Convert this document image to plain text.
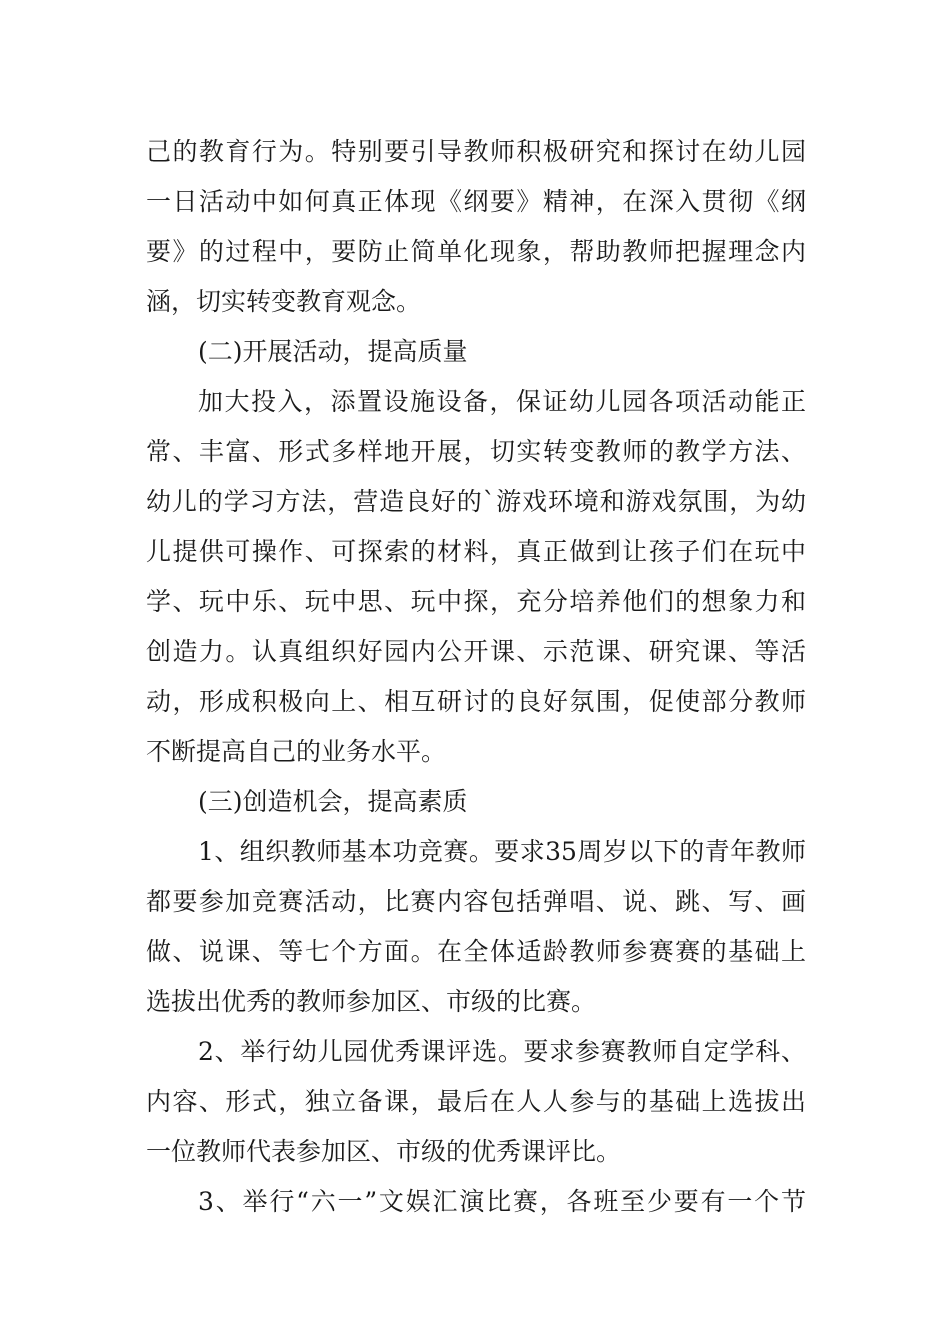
己的教育行为。特别要引导教师积极研究和探讨在幼儿园
一日活动中如何真正体现《纲要》精神，在深入贯彻《纲
要》的过程中，要防止简单化现象，帮助教师把握理念内
涵，切实转变教育观念。
(二)开展活动，提高质量
加大投入，添置设施设备，保证幼儿园各项活动能正
常、丰富、形式多样地开展，切实转变教师的教学方法、
幼儿的学习方法，营造良好的`游戏环境和游戏氛围，为幼
儿提供可操作、可探索的材料，真正做到让孩子们在玩中
学、玩中乐、玩中思、玩中探，充分培养他们的想象力和
创造力。认真组织好园内公开课、示范课、研究课、等活
动，形成积极向上、相互研讨的良好氛围，促使部分教师
不断提高自己的业务水平。
(三)创造机会，提高素质
1、组织教师基本功竞赛。要求35周岁以下的青年教师
都要参加竞赛活动，比赛内容包括弹唱、说、跳、写、画
做、说课、等七个方面。在全体适龄教师参赛赛的基础上
选拔出优秀的教师参加区、市级的比赛。
2、举行幼儿园优秀课评选。要求参赛教师自定学科、
内容、形式，独立备课，最后在人人参与的基础上选拔出
一位教师代表参加区、市级的优秀课评比。
3、举行“六一”文娱汇演比赛，各班至少要有一个节
